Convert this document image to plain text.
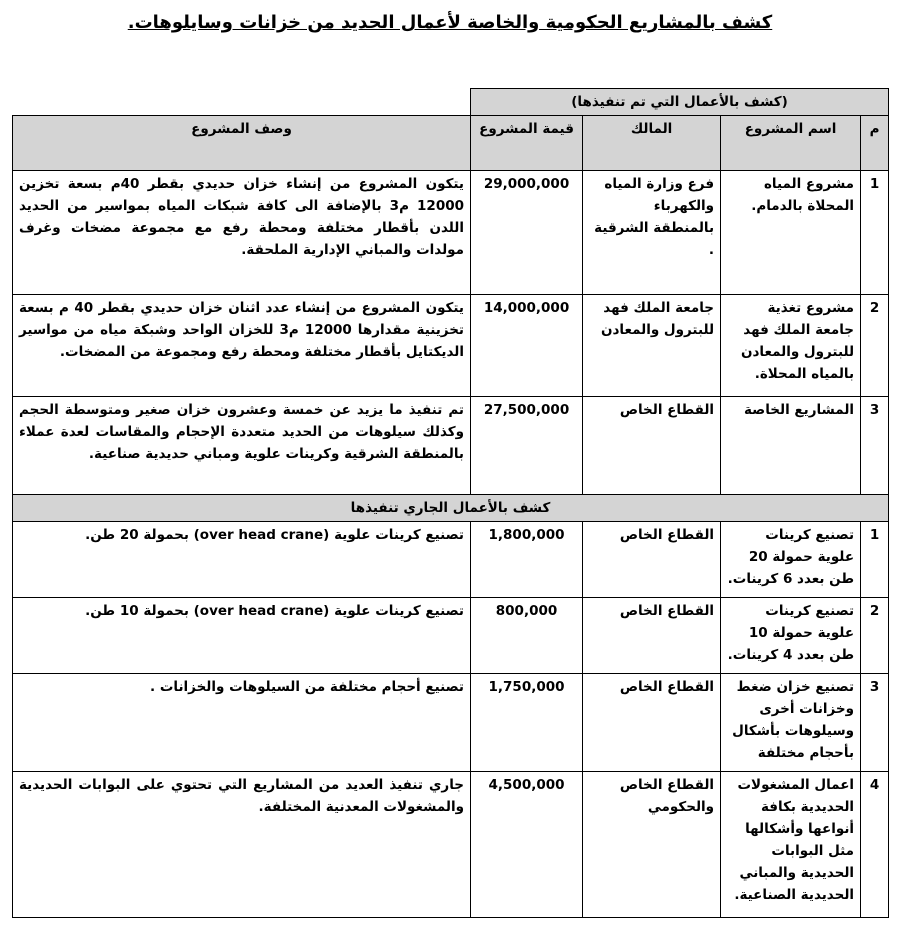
كشف بالمشاريع الحكومية والخاصة لأعمال الحديد من خزانات وسايلوهات.
(كشف بالأعمال التي تم تنفيذها)			
م	اسم المشروع	المالك	قيمة المشروع	وصف المشروع
1	مشروع المياه المحلاة بالدمام.	فرع وزارة المياه والكهرباء بالمنطقة الشرقية .	29,000,000	يتكون المشروع من إنشاء خزان حديدي بقطر 40م بسعة تخزين 12000 م3 بالإضافة الى كافة شبكات المياه بمواسير من الحديد اللدن بأقطار مختلفة ومحطة رفع مع مجموعة مضخات وغرف مولدات والمباني الإدارية الملحقة.
2	مشروع تغذية جامعة الملك فهد للبترول والمعادن بالمياه المحلاة.	جامعة الملك فهد للبترول والمعادن	14,000,000	يتكون المشروع من إنشاء عدد اثنان خزان حديدي بقطر 40 م بسعة تخزينية مقدارها 12000 م3 للخزان الواحد وشبكة مياه من مواسير الديكتايل بأقطار مختلفة ومحطة رفع ومجموعة من المضخات.
3	المشاريع الخاصة	القطاع الخاص	27,500,000	تم تنفيذ ما يزيد عن خمسة وعشرون خزان صغير ومتوسطة الحجم وكذلك سيلوهات من الحديد متعددة الإحجام والمقاسات لعدة عملاء بالمنطقة الشرقية وكرينات علوية ومباني حديدية صناعية.
كشف بالأعمال الجاري تنفيذها				
1	تصنيع كرينات علوية حمولة 20 طن بعدد 6 كرينات.	القطاع الخاص	1,800,000	تصنيع كرينات علوية (over head crane) بحمولة 20 طن.
2	تصنيع كرينات علوية حمولة 10 طن بعدد 4 كرينات.	القطاع الخاص	800,000	تصنيع كرينات علوية (over head crane) بحمولة 10 طن.
3	تصنيع خزان ضغط وخزانات أخرى وسيلوهات بأشكال بأحجام مختلفة	القطاع الخاص	1,750,000	تصنيع أحجام مختلفة من السيلوهات والخزانات .
4	اعمال المشغولات الحديدية بكافة أنواعها وأشكالها مثل البوابات الحديدية والمباني الحديدية الصناعية.	القطاع الخاص والحكومي	4,500,000	جاري تنفيذ العديد من المشاريع التي تحتوي على البوابات الحديدية والمشغولات المعدنية المختلفة.
